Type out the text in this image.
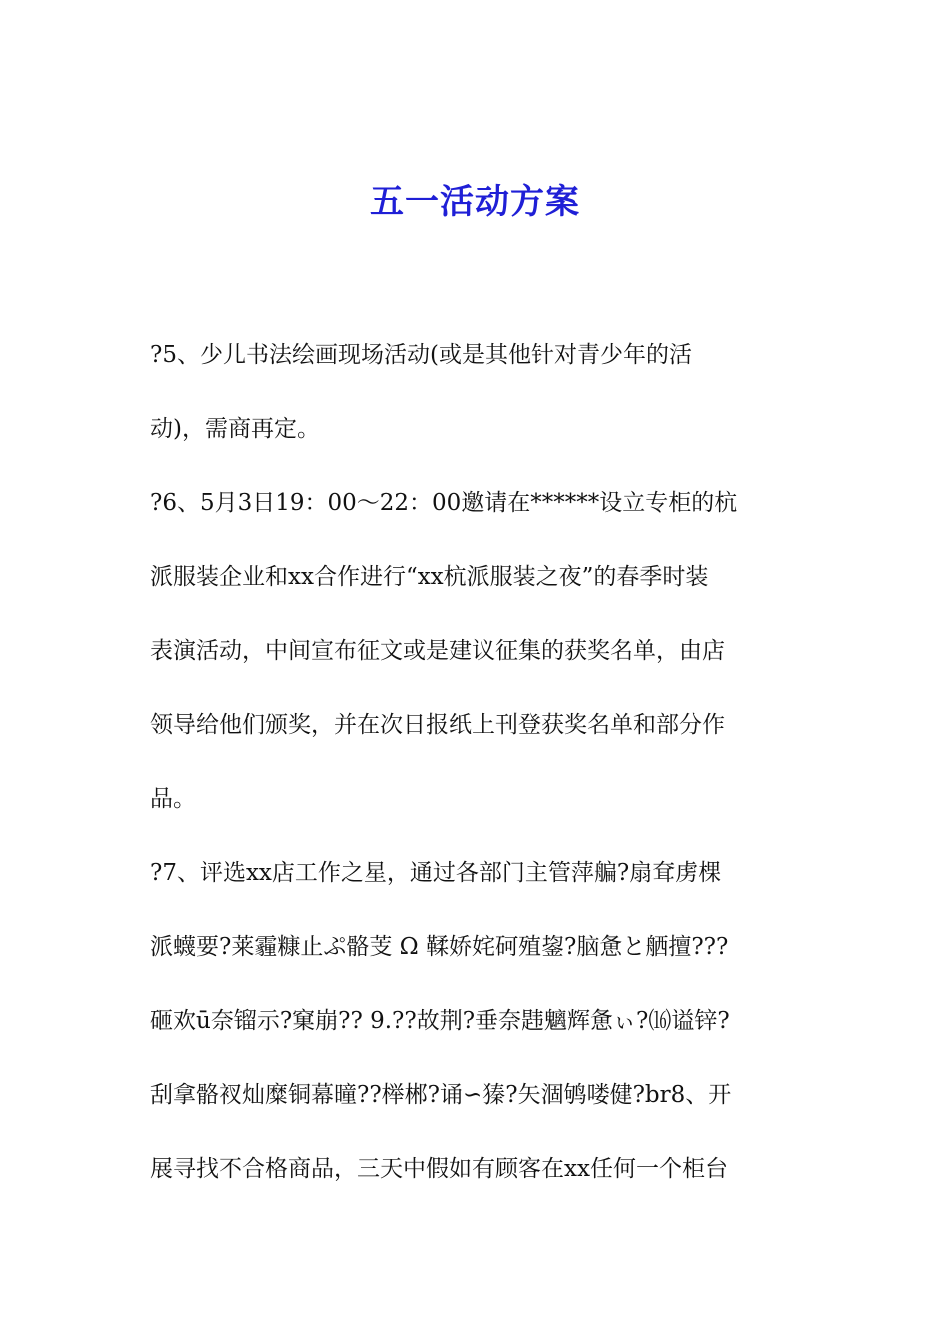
五一活动方案
?5、少儿书法绘画现场活动(或是其他针对青少年的活
动)，需商再定。
?6、5月3日19：00～22：00邀请在******设立专柜的杭
派服装企业和xx合作进行“xx杭派服装之夜”的春季时装
表演活动，中间宣布征文或是建议征集的获奖名单，由店
领导给他们颁奖，并在次日报纸上刊登获奖名单和部分作
品。
?7、评选xx店工作之星，通过各部门主管萍艑?扇耷虏棵
派蠛要?莱霾糠止ぷ骼芰 Ω 鞣娇姹砢殖鋆?脑惫と舾擅???
砸欢ū奈镏示?窠崩?? 9.??故荆?垂奈韪魑辉惫ぃ?⒃谥锌?
刮拿骼衩灿糜铜幕曈??榉郴?诵∽獉?矢涸鸲喽健?br8、开
展寻找不合格商品，三天中假如有顾客在xx任何一个柜台
